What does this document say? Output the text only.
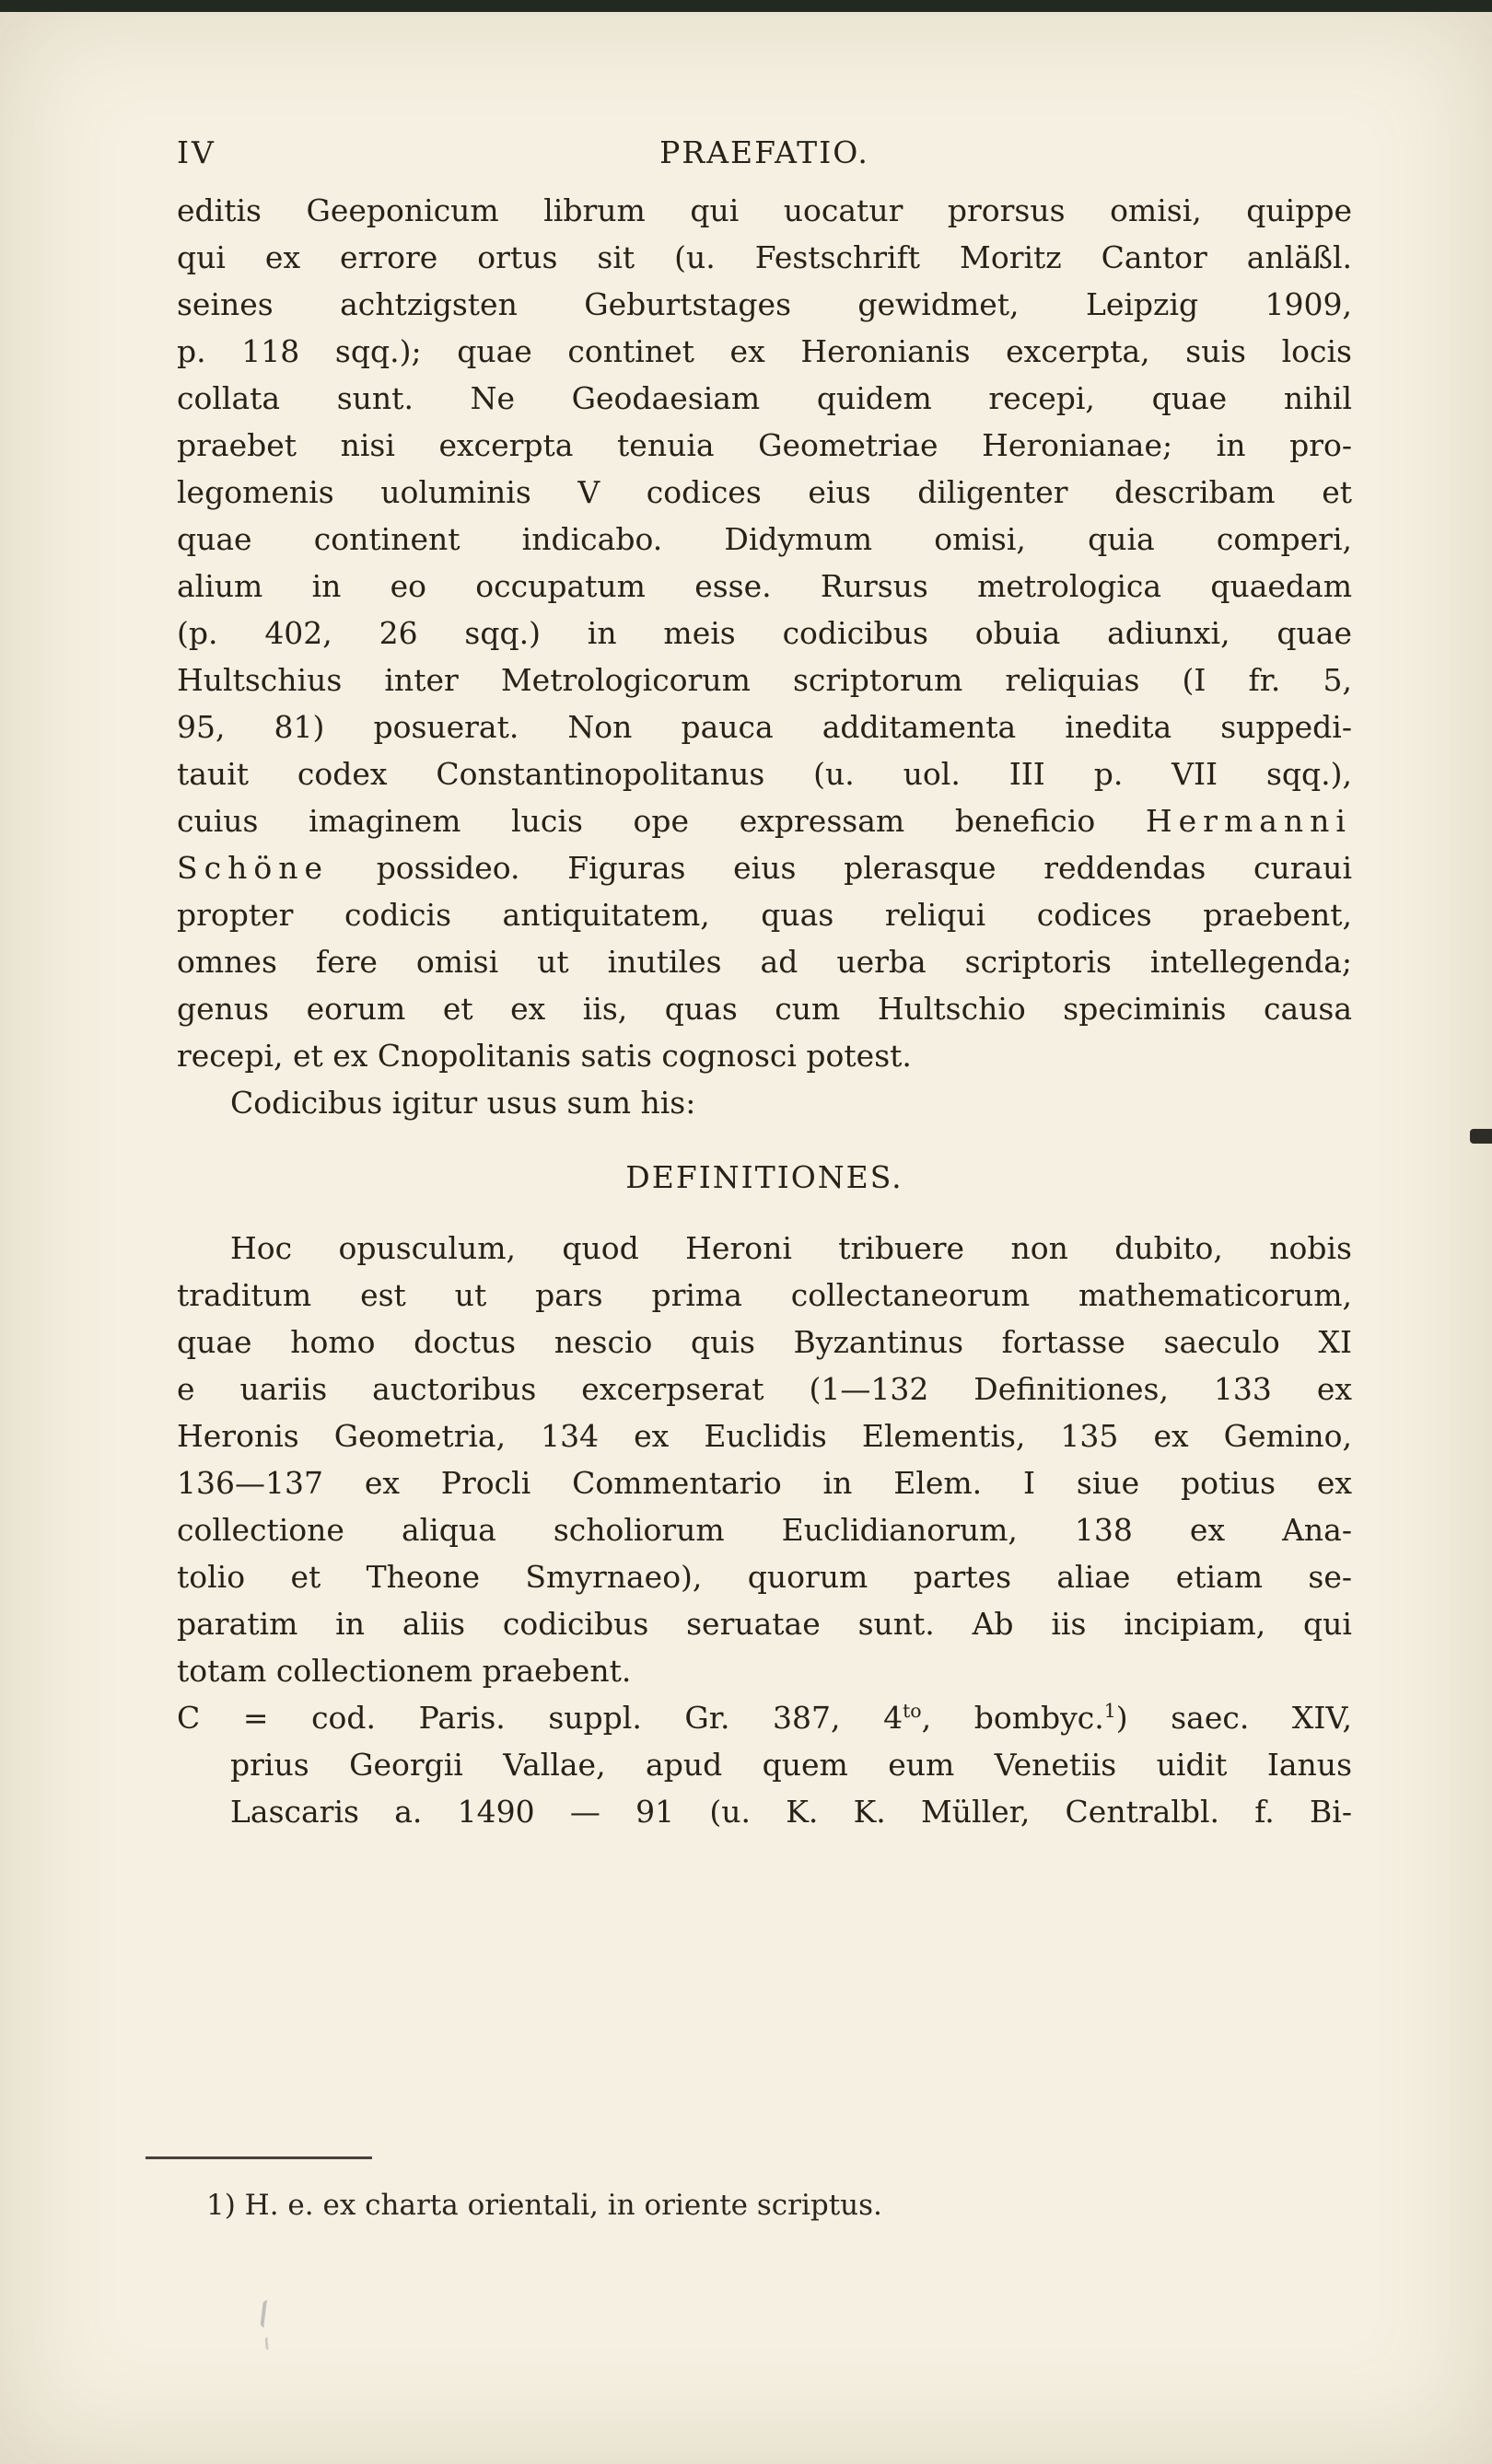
IV	PRAEFATIO.
editis Geeponicum librum qui uocatur prorsus omisi, quippe
qui ex errore ortus sit (u. Festschrift Moritz Cantor anläßl.
seines achtzigsten Geburtstages gewidmet, Leipzig 1909,
p. 118 sqq.); quae continet ex Heronianis excerpta, suis locis
collata sunt. Ne Geodaesiam quidem recepi, quae nihil
praebet nisi excerpta tenuia Geometriae Heronianae; in pro-
legomenis uoluminis V codices eius diligenter describam et
quae continent indicabo. Didymum omisi, quia comperi,
alium in eo occupatum esse. Rursus metrologica quaedam
(p. 402, 26 sqq.) in meis codicibus obuia adiunxi, quae
Hultschius inter Metrologicorum scriptorum reliquias (I fr. 5,
95, 81) posuerat. Non pauca additamenta inedita suppedi-
tauit codex Constantinopolitanus (u. uol. III p. VII sqq.),
cuius imaginem lucis ope expressam beneficio Hermanni
Schöne possideo. Figuras eius plerasque reddendas curaui
propter codicis antiquitatem, quas reliqui codices praebent,
omnes fere omisi ut inutiles ad uerba scriptoris intellegenda;
genus eorum et ex iis, quas cum Hultschio speciminis causa
recepi, et ex Cnopolitanis satis cognosci potest.
Codicibus igitur usus sum his:
DEFINITIONES.
Hoc opusculum, quod Heroni tribuere non dubito, nobis
traditum est ut pars prima collectaneorum mathematicorum,
quae homo doctus nescio quis Byzantinus fortasse saeculo XI
e uariis auctoribus excerpserat (1—132 Definitiones, 133 ex
Heronis Geometria, 134 ex Euclidis Elementis, 135 ex Gemino,
136—137 ex Procli Commentario in Elem. I siue potius ex
collectione aliqua scholiorum Euclidianorum, 138 ex Ana-
tolio et Theone Smyrnaeo), quorum partes aliae etiam se-
paratim in aliis codicibus seruatae sunt. Ab iis incipiam, qui
totam collectionem praebent.
C = cod. Paris. suppl. Gr. 387, $4^{to}$, bombyc.$^1$) saec. XIV,
prius Georgii Vallae, apud quem eum Venetiis uidit Ianus
Lascaris a. 1490 — 91 (u. K. K. Müller, Centralbl. f. Bi-
1) H. e. ex charta orientali, in oriente scriptus.
